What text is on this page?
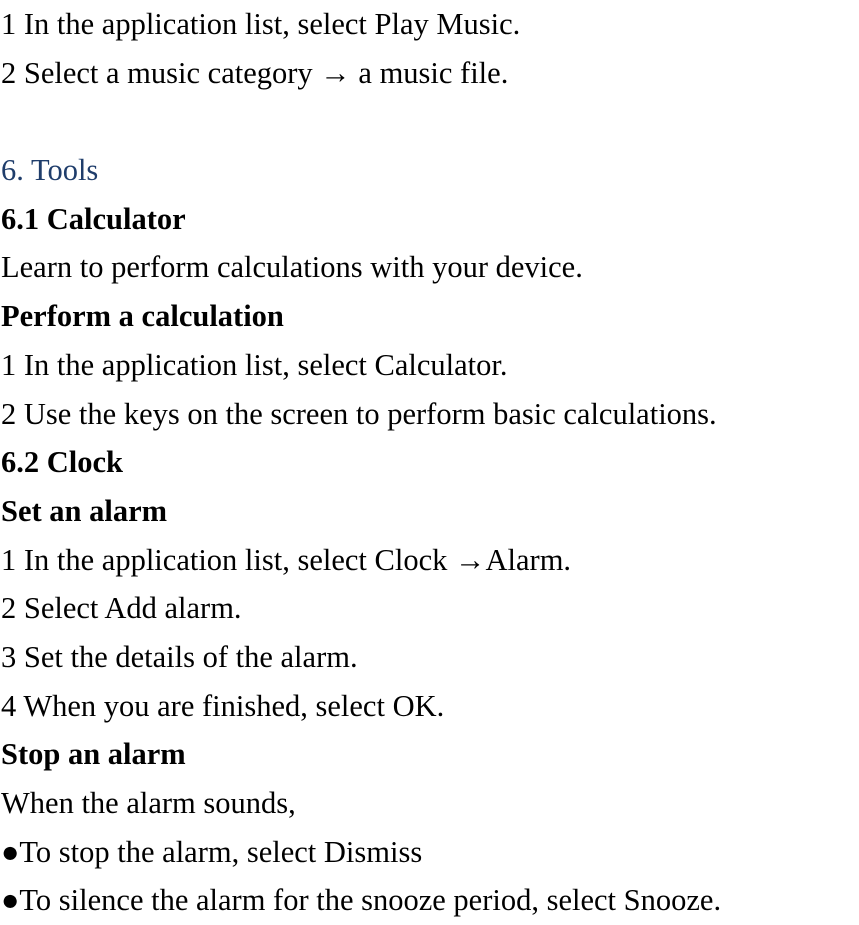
1 In the application list, select Play Music.

2 Select a music category → a music file.

6. Tools

6.1 Calculator

Learn to perform calculations with your device.

Perform a calculation

1 In the application list, select Calculator.

2 Use the keys on the screen to perform basic calculations.

6.2 Clock

Set an alarm

1 In the application list, select Clock →Alarm.

2 Select Add alarm.

3 Set the details of the alarm.

4 When you are finished, select OK.

Stop an alarm

When the alarm sounds,

●To stop the alarm, select Dismiss

●To silence the alarm for the snooze period, select Snooze.
